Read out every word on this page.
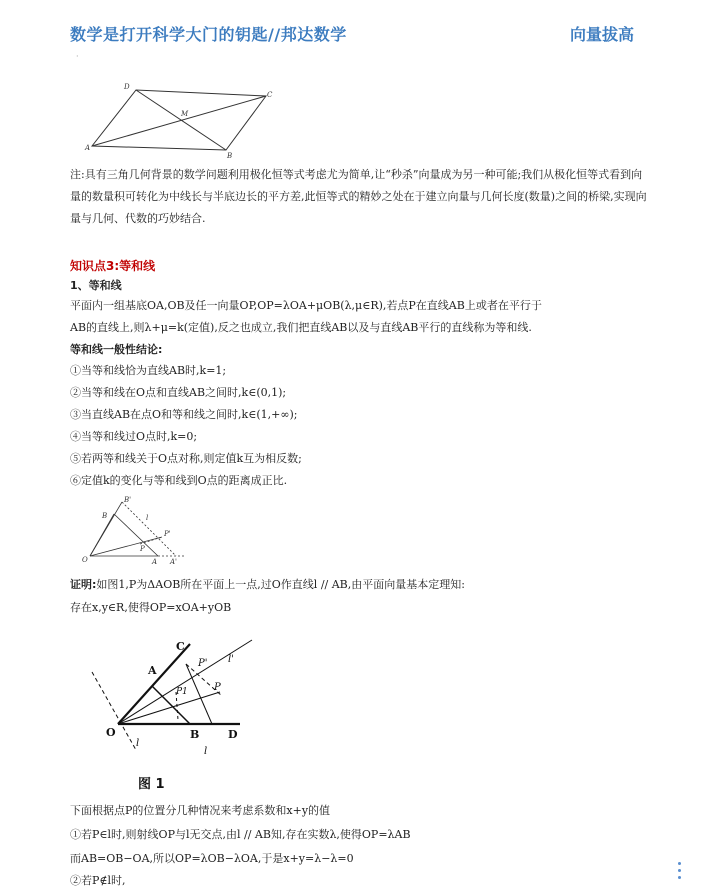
数学是打开科学大门的钥匙//邦达数学	向量拔高
·
D
C
M
A
B
注:具有三角几何背景的数学问题利用极化恒等式考虑尤为简单,让“秒杀”向量成为另一种可能;我们从极化恒等式看到向量的数量积可转化为中线长与半底边长的平方差,此恒等式的精妙之处在于建立向量与几何长度(数量)之间的桥梁,实现向量与几何、代数的巧妙结合.
知识点3:等和线
1、等和线
平面内一组基底OA,OB及任一向量OP,OP=λOA+μOB(λ,μ∈R),若点P在直线AB上或者在平行于
AB的直线上,则λ+μ=k(定值),反之也成立,我们把直线AB以及与直线AB平行的直线称为等和线.
等和线一般性结论:
①当等和线恰为直线AB时,k=1;
②当等和线在O点和直线AB之间时,k∈(0,1);
③当直线AB在点O和等和线之间时,k∈(1,+∞);
④当等和线过O点时,k=0;
⑤若两等和线关于O点对称,则定值k互为相反数;
⑥定值k的变化与等和线到O点的距离成正比.
B'
B	l
P'
P
O	A A'
证明:如图1,P为ΔAOB所在平面上一点,过O作直线l // AB,由平面向量基本定理知:
存在x,y∈R,使得OP=xOA+yOB
C
A
P' l'
P1	P
O	B	D
l
l
图 1
下面根据点P的位置分几种情况来考虑系数和x+y的值
①若P∈l时,则射线OP与l无交点,由l // AB知,存在实数λ,使得OP=λAB
而AB=OB−OA,所以OP=λOB−λOA,于是x+y=λ−λ=0
②若P∉l时,
